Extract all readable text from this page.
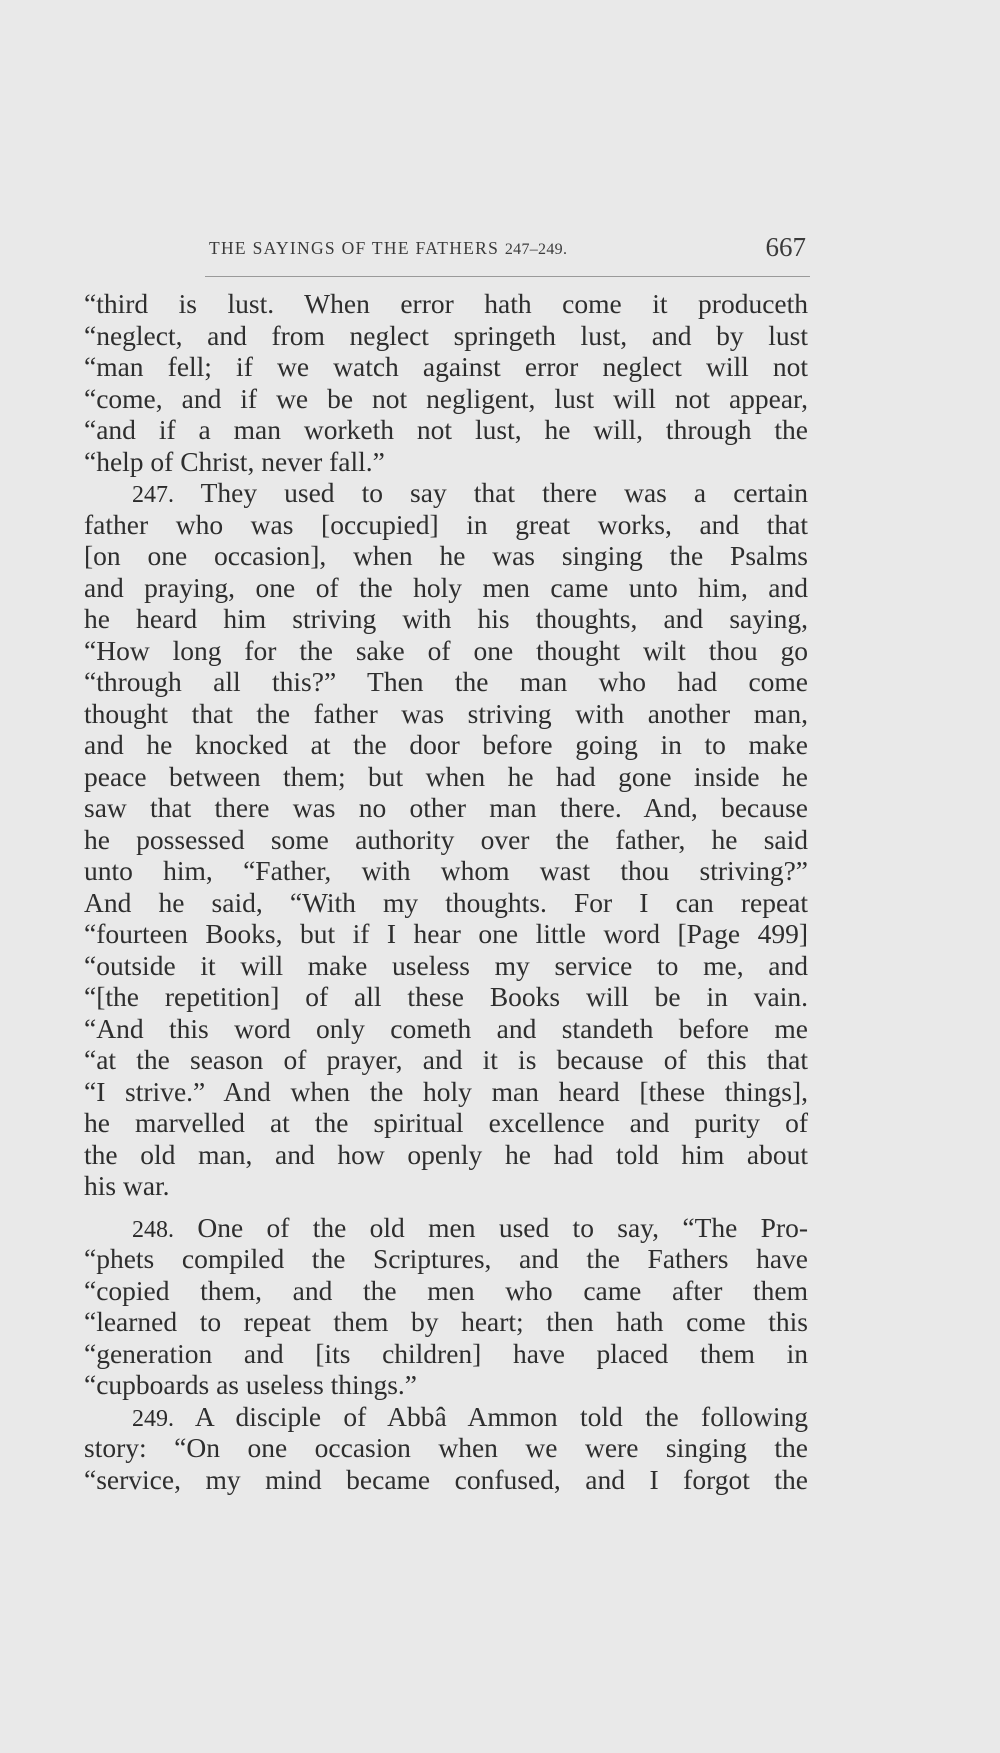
THE SAYINGS OF THE FATHERS 247–249.	667
“third is lust. When error hath come it produceth
“neglect, and from neglect springeth lust, and by lust
“man fell; if we watch against error neglect will not
“come, and if we be not negligent, lust will not appear,
“and if a man worketh not lust, he will, through the
“help of Christ, never fall.”
247. They used to say that there was a certain
father who was [occupied] in great works, and that
[on one occasion], when he was singing the Psalms
and praying, one of the holy men came unto him, and
he heard him striving with his thoughts, and saying,
“How long for the sake of one thought wilt thou go
“through all this?” Then the man who had come
thought that the father was striving with another man,
and he knocked at the door before going in to make
peace between them; but when he had gone inside he
saw that there was no other man there. And, because
he possessed some authority over the father, he said
unto him, “Father, with whom wast thou striving?”
And he said, “With my thoughts. For I can repeat
“fourteen Books, but if I hear one little word [Page 499]
“outside it will make useless my service to me, and
“[the repetition] of all these Books will be in vain.
“And this word only cometh and standeth before me
“at the season of prayer, and it is because of this that
“I strive.” And when the holy man heard [these things],
he marvelled at the spiritual excellence and purity of
the old man, and how openly he had told him about
his war.
248. One of the old men used to say, “The Pro-
“phets compiled the Scriptures, and the Fathers have
“copied them, and the men who came after them
“learned to repeat them by heart; then hath come this
“generation and [its children] have placed them in
“cupboards as useless things.”
249. A disciple of Abbâ Ammon told the following
story: “On one occasion when we were singing the
“service, my mind became confused, and I forgot the
